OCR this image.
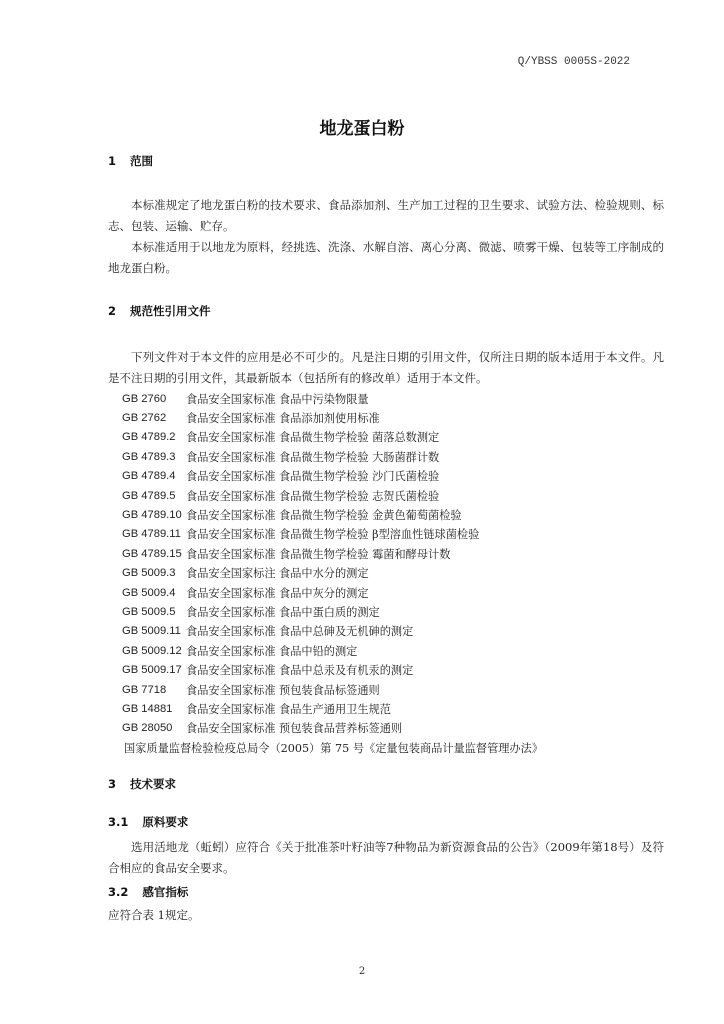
Q/YBSS 0005S-2022
地龙蛋白粉
1 范围
本标准规定了地龙蛋白粉的技术要求、食品添加剂、生产加工过程的卫生要求、试验方法、检验规则、标志、包装、运输、贮存。
本标准适用于以地龙为原料，经挑选、洗涤、水解自溶、离心分离、微滤、喷雾干燥、包装等工序制成的地龙蛋白粉。
2 规范性引用文件
下列文件对于本文件的应用是必不可少的。凡是注日期的引用文件，仅所注日期的版本适用于本文件。凡是不注日期的引用文件，其最新版本（包括所有的修改单）适用于本文件。
GB 2760	食品安全国家标准 食品中污染物限量
GB 2762	食品安全国家标准 食品添加剂使用标准
GB 4789.2 食品安全国家标准 食品微生物学检验 菌落总数测定
GB 4789.3 食品安全国家标准 食品微生物学检验 大肠菌群计数
GB 4789.4 食品安全国家标准 食品微生物学检验 沙门氏菌检验
GB 4789.5 食品安全国家标准 食品微生物学检验 志贺氏菌检验
GB 4789.10 食品安全国家标准 食品微生物学检验 金黄色葡萄菌检验
GB 4789.11 食品安全国家标准 食品微生物学检验 β型溶血性链球菌检验
GB 4789.15 食品安全国家标准 食品微生物学检验 霉菌和酵母计数
GB 5009.3 食品安全国家标注 食品中水分的测定
GB 5009.4 食品安全国家标准 食品中灰分的测定
GB 5009.5 食品安全国家标准 食品中蛋白质的测定
GB 5009.11 食品安全国家标准 食品中总砷及无机砷的测定
GB 5009.12 食品安全国家标准 食品中铅的测定
GB 5009.17 食品安全国家标准 食品中总汞及有机汞的测定
GB 7718	食品安全国家标准 预包装食品标签通则
GB 14881	食品安全国家标准 食品生产通用卫生规范
GB 28050	食品安全国家标准 预包装食品营养标签通则
国家质量监督检验检疫总局令（2005）第 75 号《定量包装商品计量监督管理办法》
3 技术要求
3.1 原料要求
选用活地龙（蚯蚓）应符合《关于批准茶叶籽油等7种物品为新资源食品的公告》（2009年第18号）及符合相应的食品安全要求。
3.2 感官指标
应符合表 1规定。
2
